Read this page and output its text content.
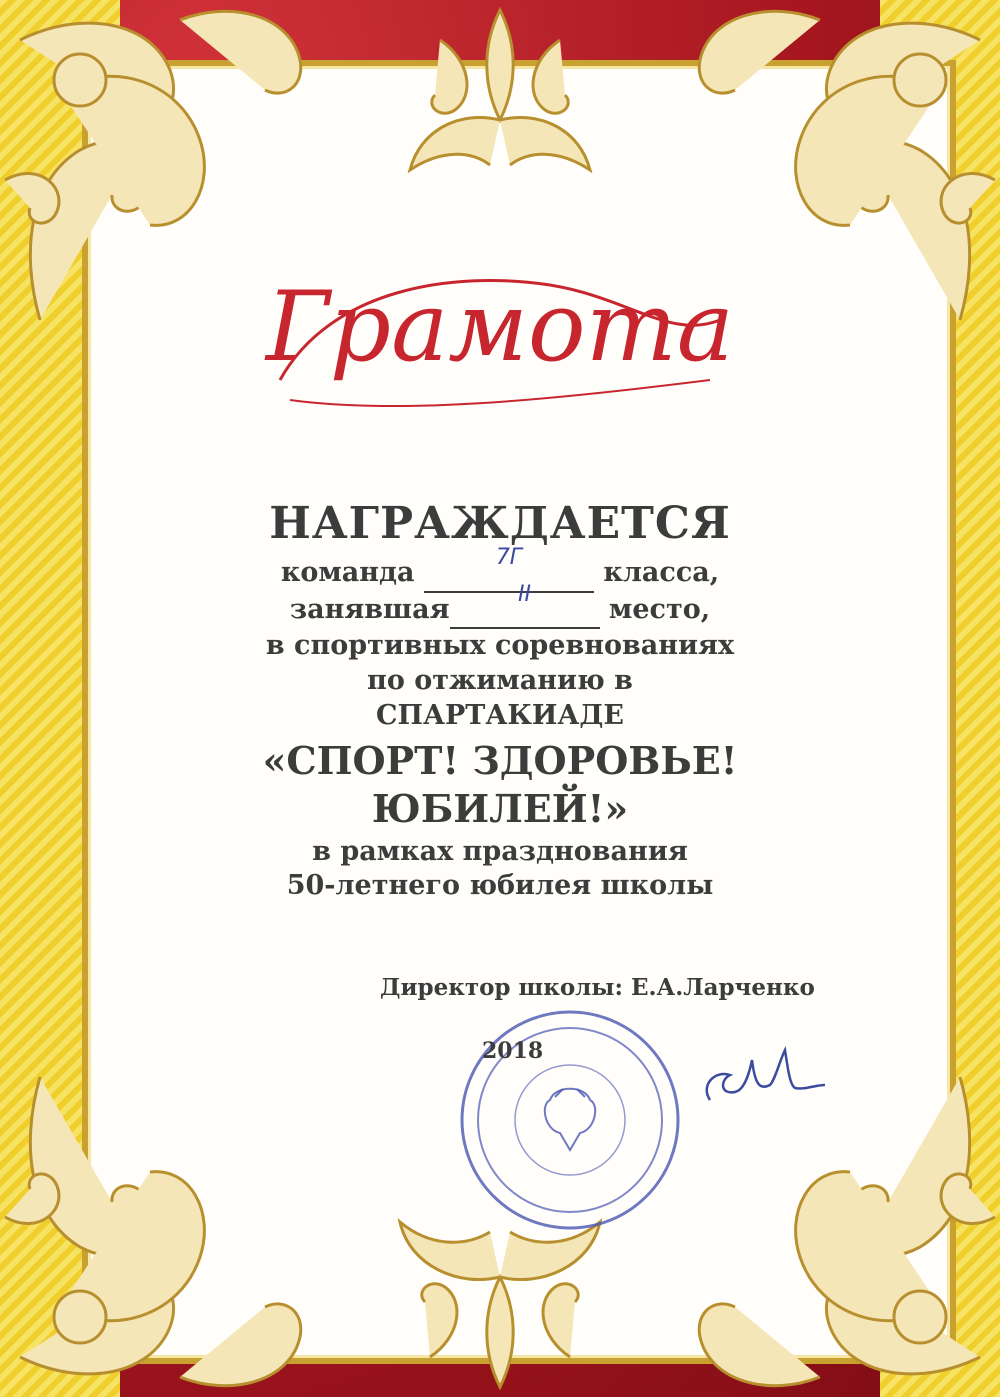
Грамота
НАГРАЖДАЕТСЯ

команда	7Г	класса,

занявшая	II	место,

в спортивных соревнованиях

по отжиманию в

СПАРТАКИАДЕ

«СПОРТ! ЗДОРОВЬЕ!

ЮБИЛЕЙ!»

в рамках празднования

50-летнего юбилея школы

Директор школы: Е.А.Ларченко
2018
